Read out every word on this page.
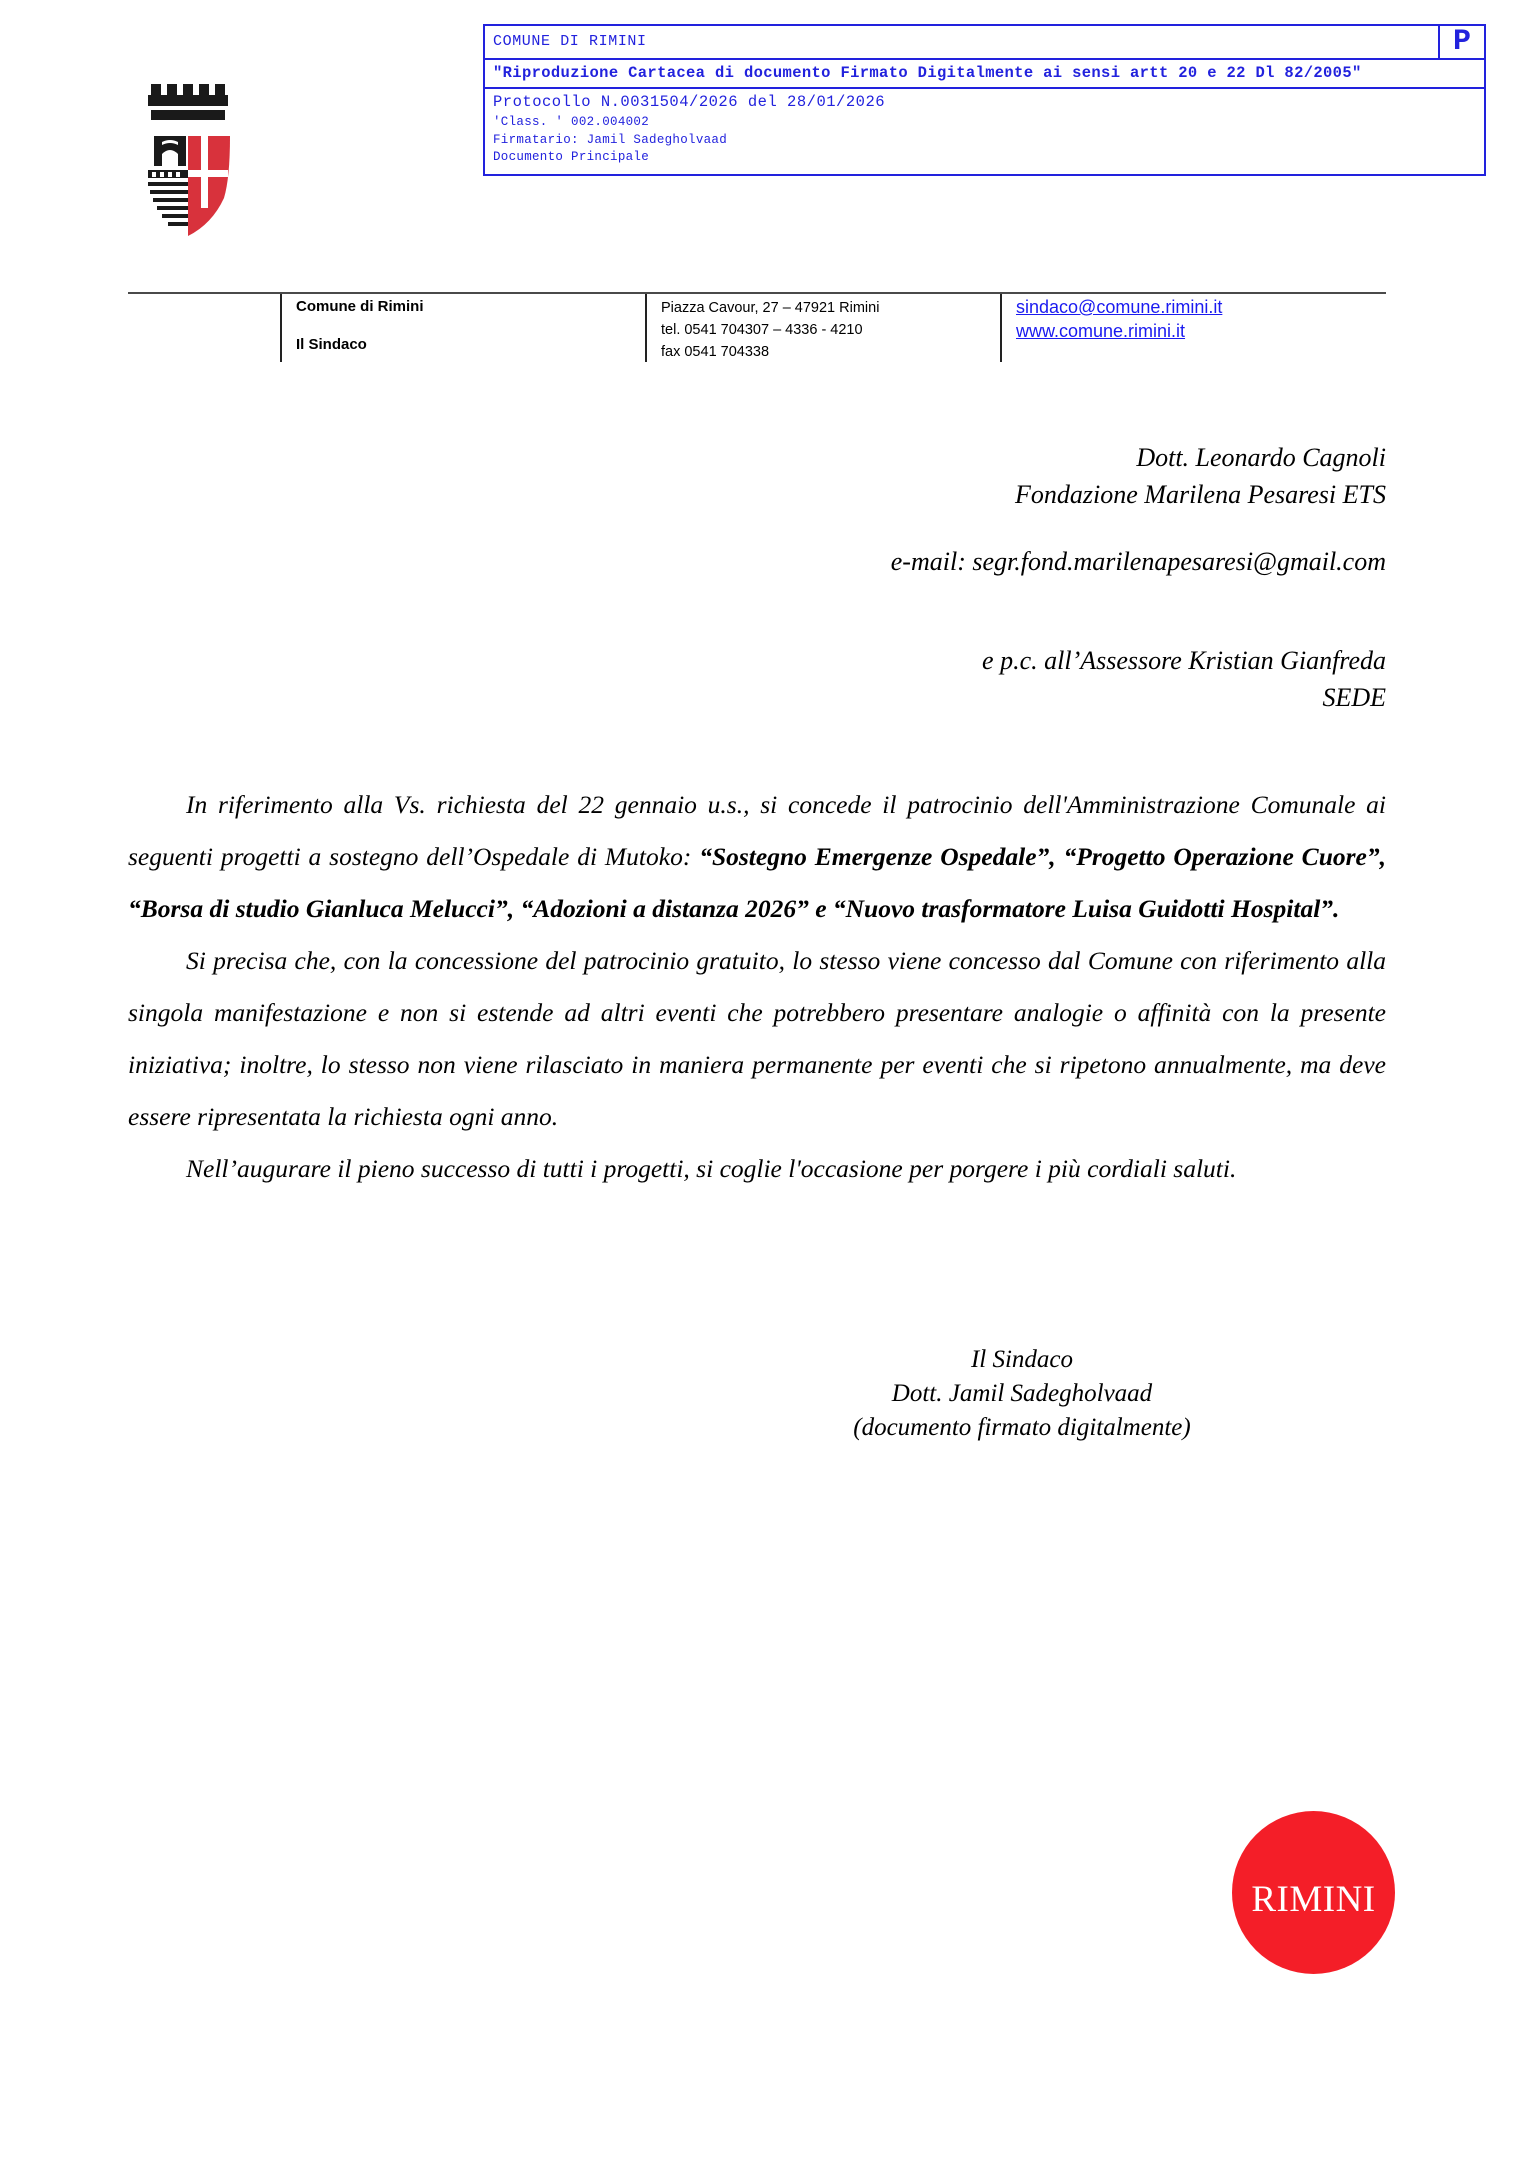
COMUNE DI RIMINI	P
"Riproduzione Cartacea di documento Firmato Digitalmente ai sensi artt 20 e 22 Dl 82/2005"
Protocollo N.0031504/2026 del 28/01/2026
'Class. ' 002.004002
Firmatario: Jamil Sadegholvaad
Documento Principale
Comune di Rimini
Il Sindaco
Piazza Cavour, 27 – 47921 Rimini
tel. 0541 704307 – 4336 - 4210
fax 0541 704338
sindaco@comune.rimini.it
www.comune.rimini.it
Dott. Leonardo Cagnoli
Fondazione Marilena Pesaresi ETS
e-mail: segr.fond.marilenapesaresi@gmail.com
e p.c. all’Assessore Kristian Gianfreda
SEDE

In riferimento alla Vs. richiesta del 22 gennaio u.s., si concede il patrocinio dell'Amministrazione Comunale ai seguenti progetti a sostegno dell’Ospedale di Mutoko: “Sostegno Emergenze Ospedale”, “Progetto Operazione Cuore”, “Borsa di studio Gianluca Melucci”, “Adozioni a distanza 2026” e “Nuovo trasformatore Luisa Guidotti Hospital”.

Si precisa che, con la concessione del patrocinio gratuito, lo stesso viene concesso dal Comune con riferimento alla singola manifestazione e non si estende ad altri eventi che potrebbero presentare analogie o affinità con la presente iniziativa; inoltre, lo stesso non viene rilasciato in maniera permanente per eventi che si ripetono annualmente, ma deve essere ripresentata la richiesta ogni anno.

Nell’augurare il pieno successo di tutti i progetti, si coglie l'occasione per porgere i più cordiali saluti.

Il Sindaco
Dott. Jamil Sadegholvaad
(documento firmato digitalmente)
RIMINI
